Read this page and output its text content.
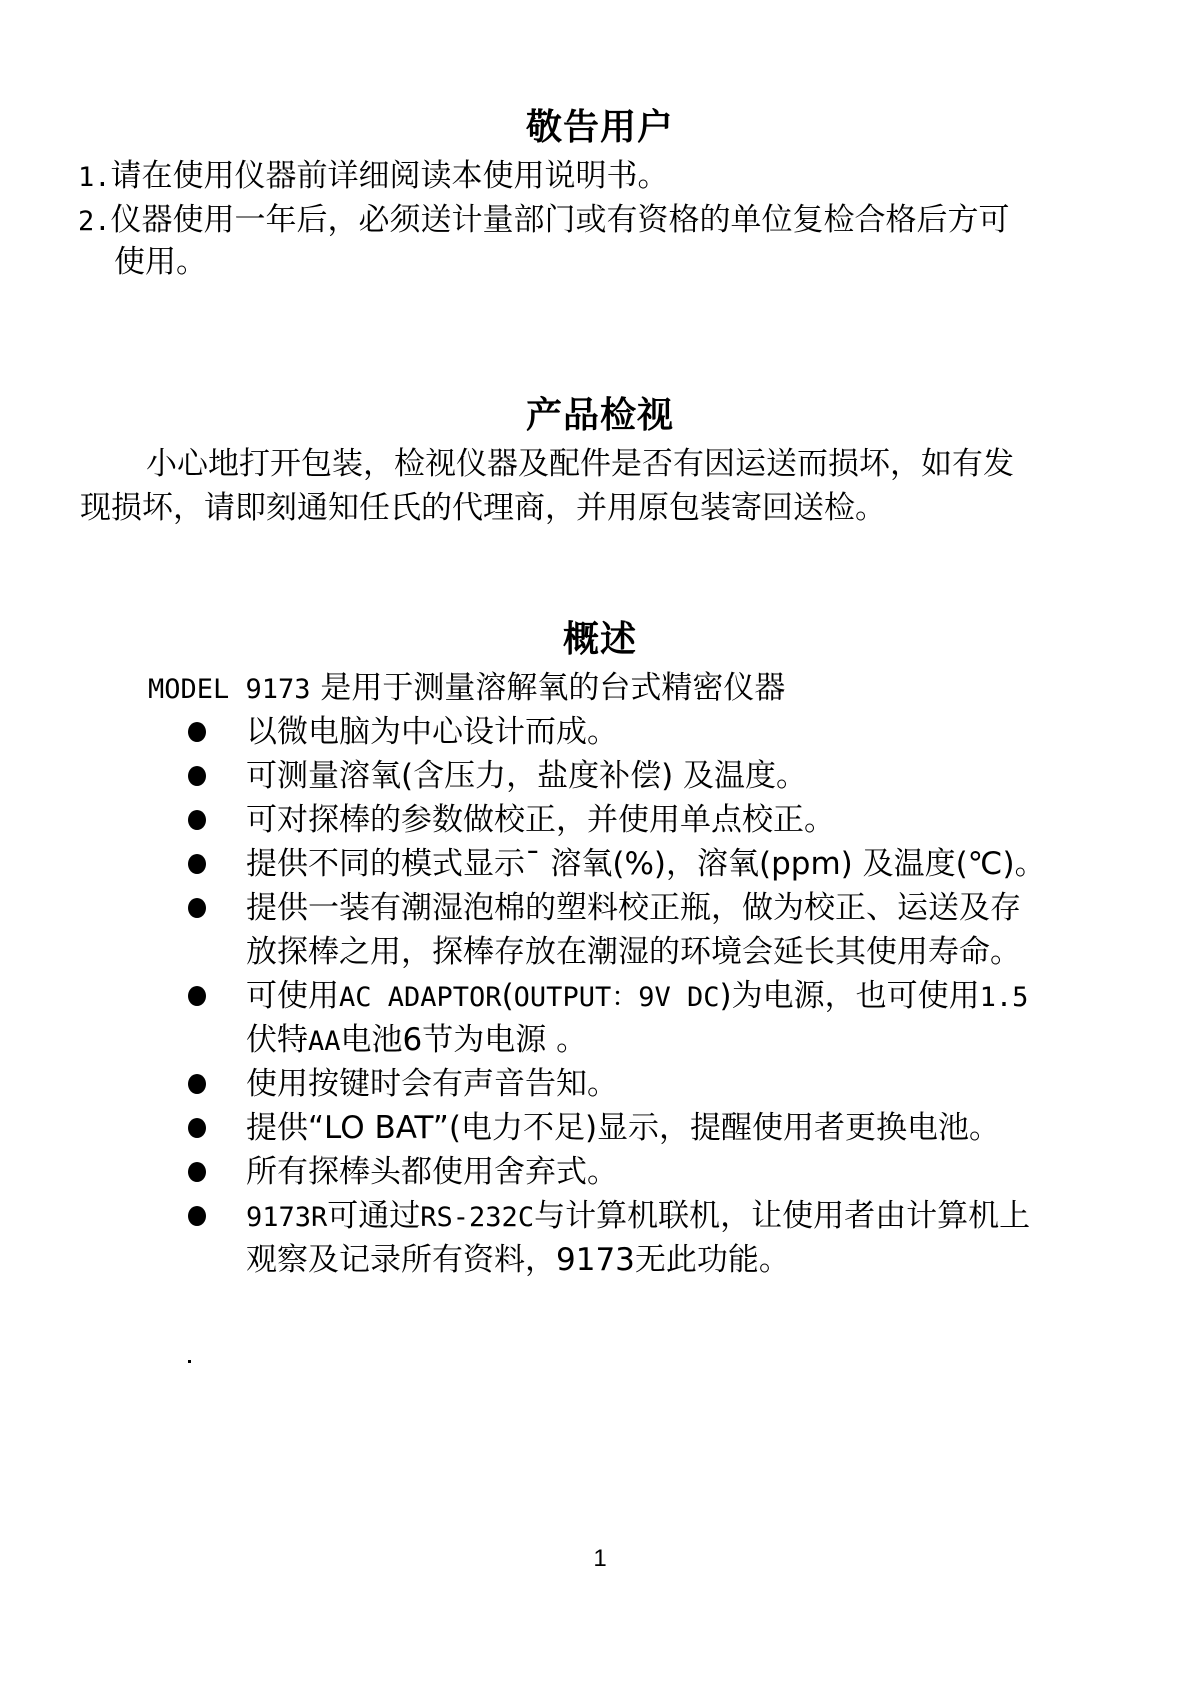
敬告用户
1.请在使用仪器前详细阅读本使用说明书。
2.仪器使用一年后，必须送计量部门或有资格的单位复检合格后方可
使用。
产品检视
小心地打开包装，检视仪器及配件是否有因运送而损坏，如有发
现损坏，请即刻通知任氏的代理商，并用原包装寄回送检。
概述
MODEL 9173 是用于测量溶解氧的台式精密仪器
以微电脑为中心设计而成。
可测量溶氧(含压力，盐度补偿) 及温度。
可对探棒的参数做校正，并使用单点校正。
提供不同的模式显示¯ 溶氧(%)，溶氧(ppm) 及温度(℃)。
提供一装有潮湿泡棉的塑料校正瓶，做为校正、运送及存
放探棒之用，探棒存放在潮湿的环境会延长其使用寿命。
可使用AC ADAPTOR(OUTPUT：9V DC)为电源，也可使用1.5
伏特AA电池6节为电源 。
使用按键时会有声音告知。
提供“LO BAT”(电力不足)显示，提醒使用者更换电池。
所有探棒头都使用舍弃式。
9173R可通过RS-232C与计算机联机，让使用者由计算机上
观察及记录所有资料，9173无此功能。
1
